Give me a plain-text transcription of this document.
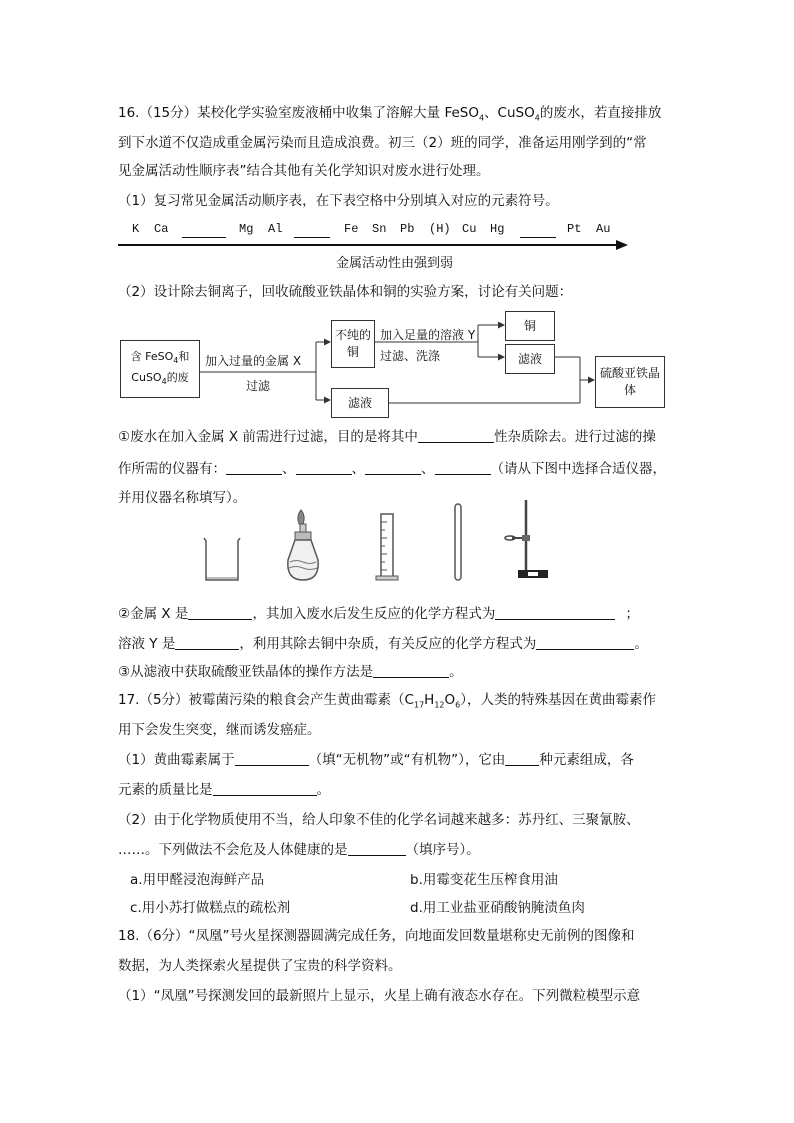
16.（15分）某校化学实验室废液桶中收集了溶解大量 FeSO$_4$、CuSO$_4$的废水，若直接排放
到下水道不仅造成重金属污染而且造成浪费。初三（2）班的同学，准备运用刚学到的“常
见金属活动性顺序表”结合其他有关化学知识对废水进行处理。
（1）复习常见金属活动顺序表，在下表空格中分别填入对应的元素符号。
K Ca	Mg Al	Fe Sn Pb (H) Cu Hg	Pt Au
金属活动性由强到弱
（2）设计除去铜离子，回收硫酸亚铁晶体和铜的实验方案，讨论有关问题：
含 FeSO$_4$和
CuSO$_4$的废
加入过量的金属 X
过滤
不纯的铜
加入足量的溶液 Y
过滤、洗涤
铜
滤液
滤液
硫酸亚铁晶体
①废水在加入金属 X 前需进行过滤，目的是将其中	性杂质除去。进行过滤的操
作所需的仪器有：	、	、	、	（请从下图中选择合适仪器，
并用仪器名称填写）。
②金属 X 是	，其加入废水后发生反应的化学方程式为	；
溶液 Y 是	，利用其除去铜中杂质，有关反应的化学方程式为	。
③从滤液中获取硫酸亚铁晶体的操作方法是	。
17.（5分）被霉菌污染的粮食会产生黄曲霉素$(C_{17}H_{12}O_6)$，人类的特殊基因在黄曲霉素作
用下会发生突变，继而诱发癌症。
（1）黄曲霉素属于	（填“无机物”或“有机物”），它由	种元素组成，各
元素的质量比是	。
（2）由于化学物质使用不当，给人印象不佳的化学名词越来越多：苏丹红、三聚氰胺、
……。下列做法不会危及人体健康的是	（填序号）。
a.用甲醛浸泡海鲜产品	b.用霉变花生压榨食用油
c.用小苏打做糕点的疏松剂	d.用工业盐亚硝酸钠腌渍鱼肉
18.（6分）“凤凰”号火星探测器圆满完成任务，向地面发回数量堪称史无前例的图像和
数据，为人类探索火星提供了宝贵的科学资料。
（1）“凤凰”号探测发回的最新照片上显示，火星上确有液态水存在。下列微粒模型示意
